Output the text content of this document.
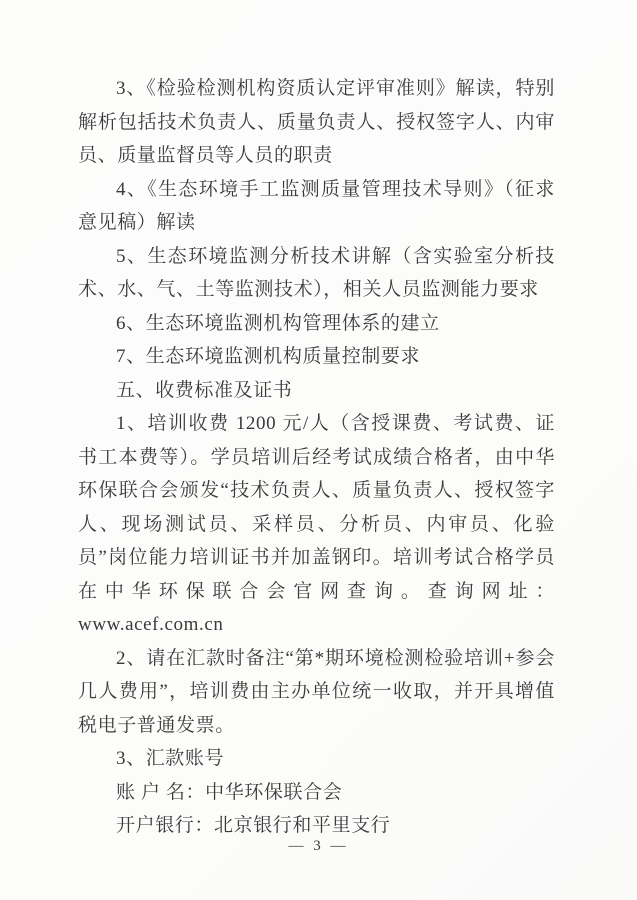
3、《检验检测机构资质认定评审准则》解读，特别解析包括技术负责人、质量负责人、授权签字人、内审员、质量监督员等人员的职责

4、《生态环境手工监测质量管理技术导则》（征求意见稿）解读

5、生态环境监测分析技术讲解（含实验室分析技术、水、气、土等监测技术），相关人员监测能力要求

6、生态环境监测机构管理体系的建立

7、生态环境监测机构质量控制要求

五、收费标准及证书

1、培训收费 1200 元/人（含授课费、考试费、证书工本费等）。学员培训后经考试成绩合格者，由中华环保联合会颁发“技术负责人、质量负责人、授权签字人、现场测试员、采样员、分析员、内审员、化验员”岗位能力培训证书并加盖钢印。培训考试合格学员在中华环保联合会官网查询。查询网址：www.acef.com.cn

2、请在汇款时备注“第*期环境检测检验培训+参会几人费用”，培训费由主办单位统一收取，并开具增值税电子普通发票。

3、汇款账号

账 户 名：中华环保联合会

开户银行：北京银行和平里支行

— 3 —
